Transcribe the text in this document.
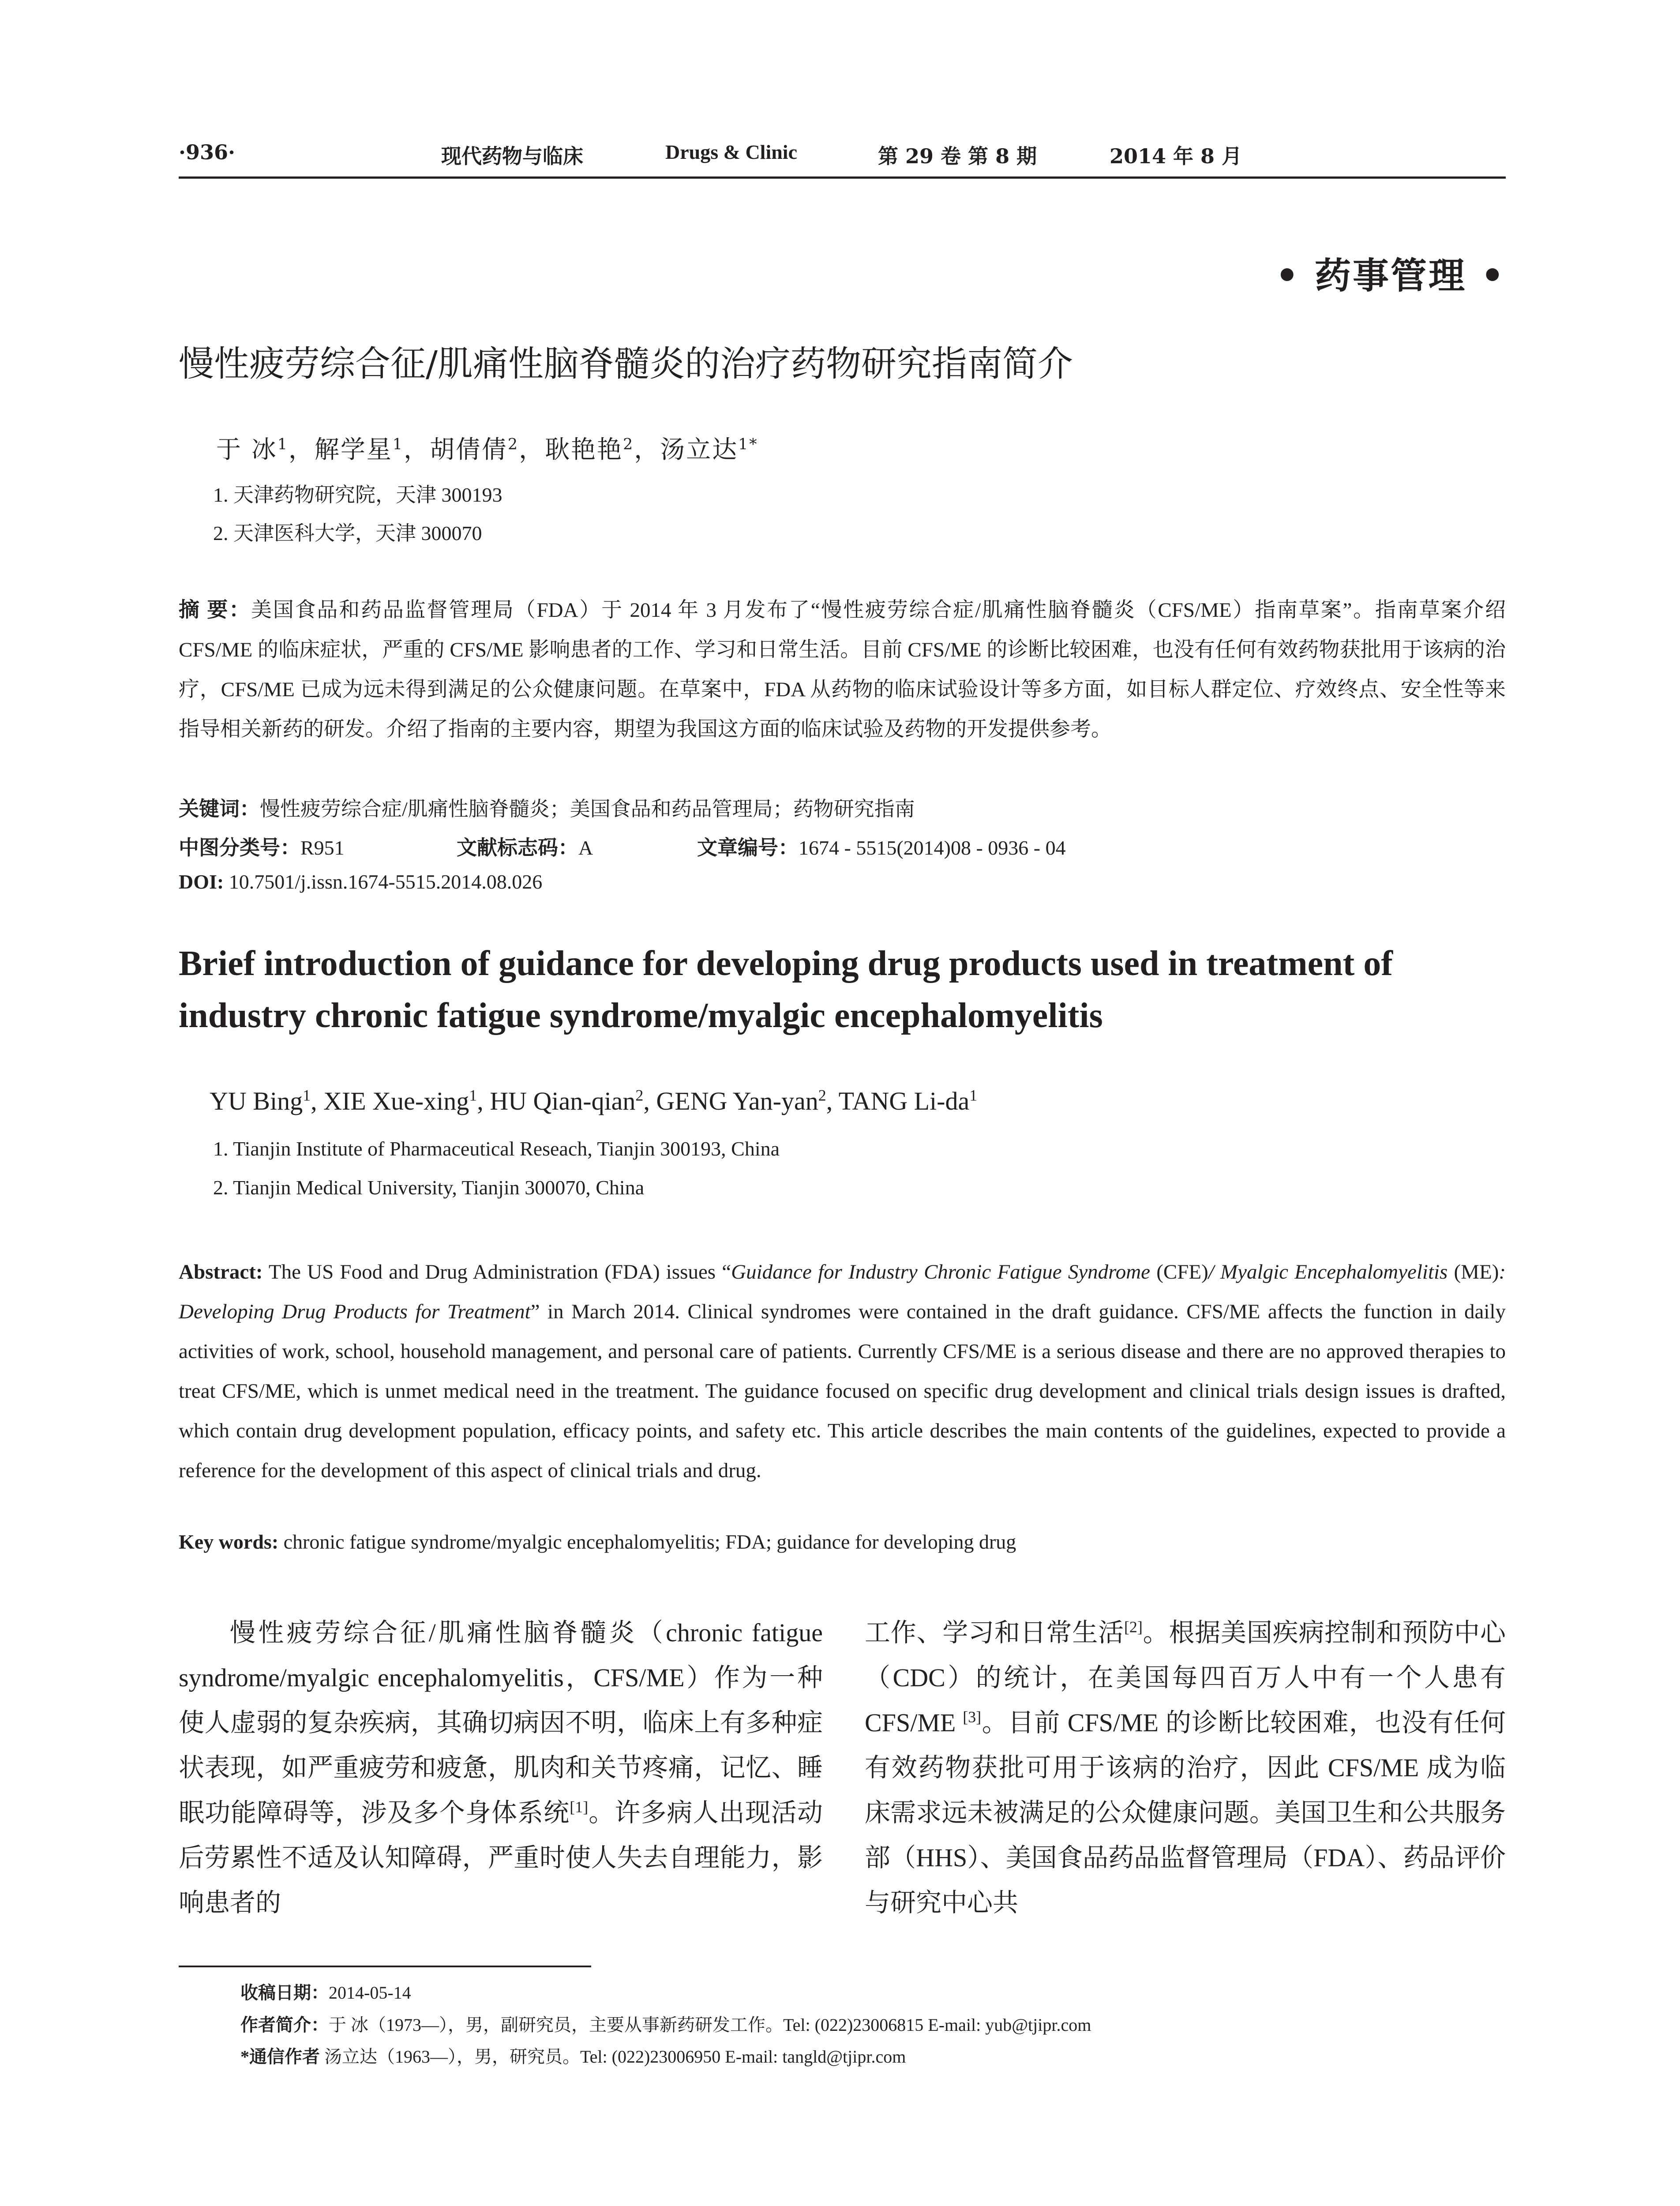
·936·	现代药物与临床	Drugs & Clinic	第 29 卷 第 8 期	2014 年 8 月
• 药事管理 •
慢性疲劳综合征/肌痛性脑脊髓炎的治疗药物研究指南简介
于 冰$^1$，解学星$^1$，胡倩倩$^2$，耿艳艳$^2$，汤立达$^{1*}$
1. 天津药物研究院，天津 300193
2. 天津医科大学，天津 300070
摘 要：美国食品和药品监督管理局（FDA）于 2014 年 3 月发布了“慢性疲劳综合症/肌痛性脑脊髓炎（CFS/ME）指南草案”。指南草案介绍 CFS/ME 的临床症状，严重的 CFS/ME 影响患者的工作、学习和日常生活。目前 CFS/ME 的诊断比较困难，也没有任何有效药物获批用于该病的治疗，CFS/ME 已成为远未得到满足的公众健康问题。在草案中，FDA 从药物的临床试验设计等多方面，如目标人群定位、疗效终点、安全性等来指导相关新药的研发。介绍了指南的主要内容，期望为我国这方面的临床试验及药物的开发提供参考。
关键词：慢性疲劳综合症/肌痛性脑脊髓炎；美国食品和药品管理局；药物研究指南
中图分类号：R951	文献标志码：A	文章编号：1674 - 5515(2014)08 - 0936 - 04
DOI: 10.7501/j.issn.1674-5515.2014.08.026
Brief introduction of guidance for developing drug products used in treatment of industry chronic fatigue syndrome/myalgic encephalomyelitis
YU Bing$^1$, XIE Xue-xing$^1$, HU Qian-qian$^2$, GENG Yan-yan$^2$, TANG $Li-da^1$
1. Tianjin Institute of Pharmaceutical Reseach, Tianjin 300193, China
2. Tianjin Medical University, Tianjin 300070, China
Abstract: The US Food and Drug Administration (FDA) issues “Guidance for Industry Chronic Fatigue Syndrome (CFE)/ Myalgic Encephalomyelitis (ME): Developing Drug Products for Treatment” in March 2014. Clinical syndromes were contained in the draft guidance. CFS/ME affects the function in daily activities of work, school, household management, and personal care of patients. Currently CFS/ME is a serious disease and there are no approved therapies to treat CFS/ME, which is unmet medical need in the treatment. The guidance focused on specific drug development and clinical trials design issues is drafted, which contain drug development population, efficacy points, and safety etc. This article describes the main contents of the guidelines, expected to provide a reference for the development of this aspect of clinical trials and drug.
Key words: chronic fatigue syndrome/myalgic encephalomyelitis; FDA; guidance for developing drug
慢性疲劳综合征/肌痛性脑脊髓炎（chronic fatigue syndrome/myalgic encephalomyelitis，CFS/ME）作为一种使人虚弱的复杂疾病，其确切病因不明，临床上有多种症状表现，如严重疲劳和疲惫，肌肉和关节疼痛，记忆、睡眠功能障碍等，涉及多个身体系统[1]。许多病人出现活动后劳累性不适及认知障碍，严重时使人失去自理能力，影响患者的
工作、学习和日常生活[2]。根据美国疾病控制和预防中心（CDC）的统计，在美国每四百万人中有一个人患有 CFS/ME [3]。目前 CFS/ME 的诊断比较困难，也没有任何有效药物获批可用于该病的治疗，因此 CFS/ME 成为临床需求远未被满足的公众健康问题。美国卫生和公共服务部（HHS）、美国食品药品监督管理局（FDA）、药品评价与研究中心共
收稿日期：2014-05-14
作者简介：于 冰（1973—），男，副研究员，主要从事新药研发工作。Tel: (022)23006815 E-mail: yub@tjipr.com
*通信作者 汤立达（1963—），男，研究员。Tel: (022)23006950 E-mail: tangld@tjipr.com
